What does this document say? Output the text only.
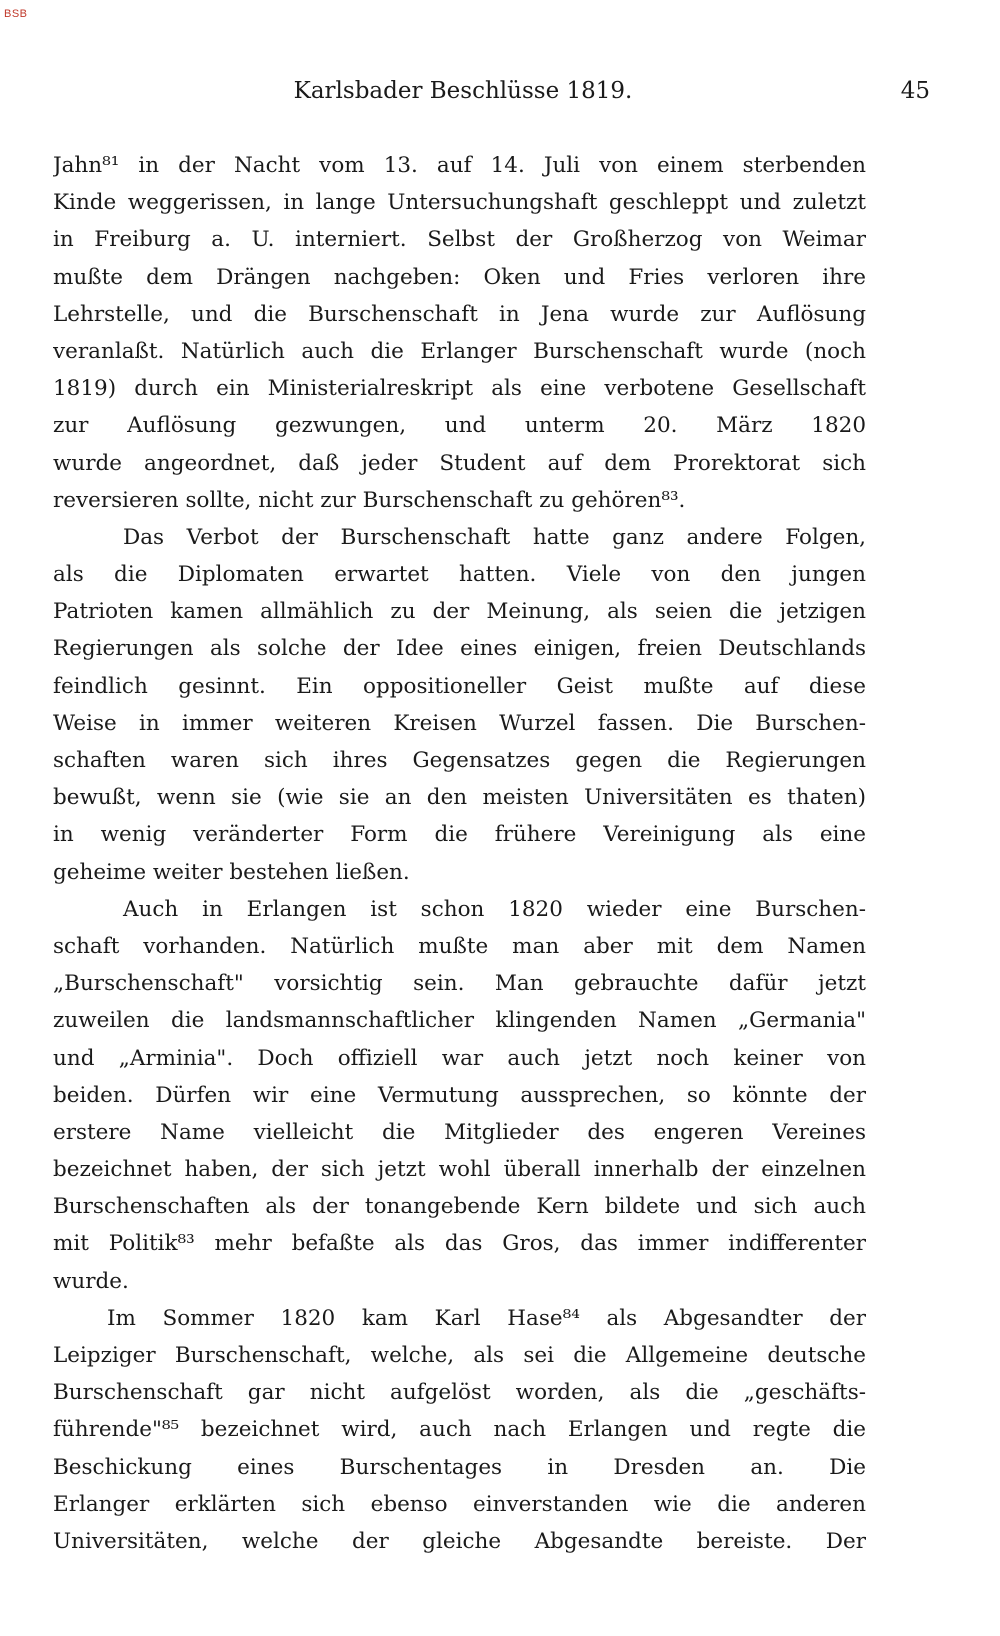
BSB
Karlsbader Beschlüsse 1819.	45
Jahn⁸¹ in der Nacht vom 13. auf 14. Juli von einem sterbenden
Kinde weggerissen, in lange Untersuchungshaft geschleppt und zuletzt
in Freiburg a. U. interniert. Selbst der Großherzog von Weimar
mußte dem Drängen nachgeben: Oken und Fries verloren ihre
Lehrstelle, und die Burschenschaft in Jena wurde zur Auflösung
veranlaßt. Natürlich auch die Erlanger Burschenschaft wurde (noch
1819) durch ein Ministerialreskript als eine verbotene Gesellschaft
zur Auflösung gezwungen, und unterm 20. März 1820
wurde angeordnet, daß jeder Student auf dem Prorektorat sich
reversieren sollte, nicht zur Burschenschaft zu gehören⁸³.
Das Verbot der Burschenschaft hatte ganz andere Folgen,
als die Diplomaten erwartet hatten. Viele von den jungen
Patrioten kamen allmählich zu der Meinung, als seien die jetzigen
Regierungen als solche der Idee eines einigen, freien Deutschlands
feindlich gesinnt. Ein oppositioneller Geist mußte auf diese
Weise in immer weiteren Kreisen Wurzel fassen. Die Burschen-
schaften waren sich ihres Gegensatzes gegen die Regierungen
bewußt, wenn sie (wie sie an den meisten Universitäten es thaten)
in wenig veränderter Form die frühere Vereinigung als eine
geheime weiter bestehen ließen.
Auch in Erlangen ist schon 1820 wieder eine Burschen-
schaft vorhanden. Natürlich mußte man aber mit dem Namen
„Burschenschaft" vorsichtig sein. Man gebrauchte dafür jetzt
zuweilen die landsmannschaftlicher klingenden Namen „Germania"
und „Arminia". Doch offiziell war auch jetzt noch keiner von
beiden. Dürfen wir eine Vermutung aussprechen, so könnte der
erstere Name vielleicht die Mitglieder des engeren Vereines
bezeichnet haben, der sich jetzt wohl überall innerhalb der einzelnen
Burschenschaften als der tonangebende Kern bildete und sich auch
mit Politik⁸³ mehr befaßte als das Gros, das immer indifferenter
wurde.
Im Sommer 1820 kam Karl Hase⁸⁴ als Abgesandter der
Leipziger Burschenschaft, welche, als sei die Allgemeine deutsche
Burschenschaft gar nicht aufgelöst worden, als die „geschäfts-
führende"⁸⁵ bezeichnet wird, auch nach Erlangen und regte die
Beschickung eines Burschentages in Dresden an. Die
Erlanger erklärten sich ebenso einverstanden wie die anderen
Universitäten, welche der gleiche Abgesandte bereiste. Der
